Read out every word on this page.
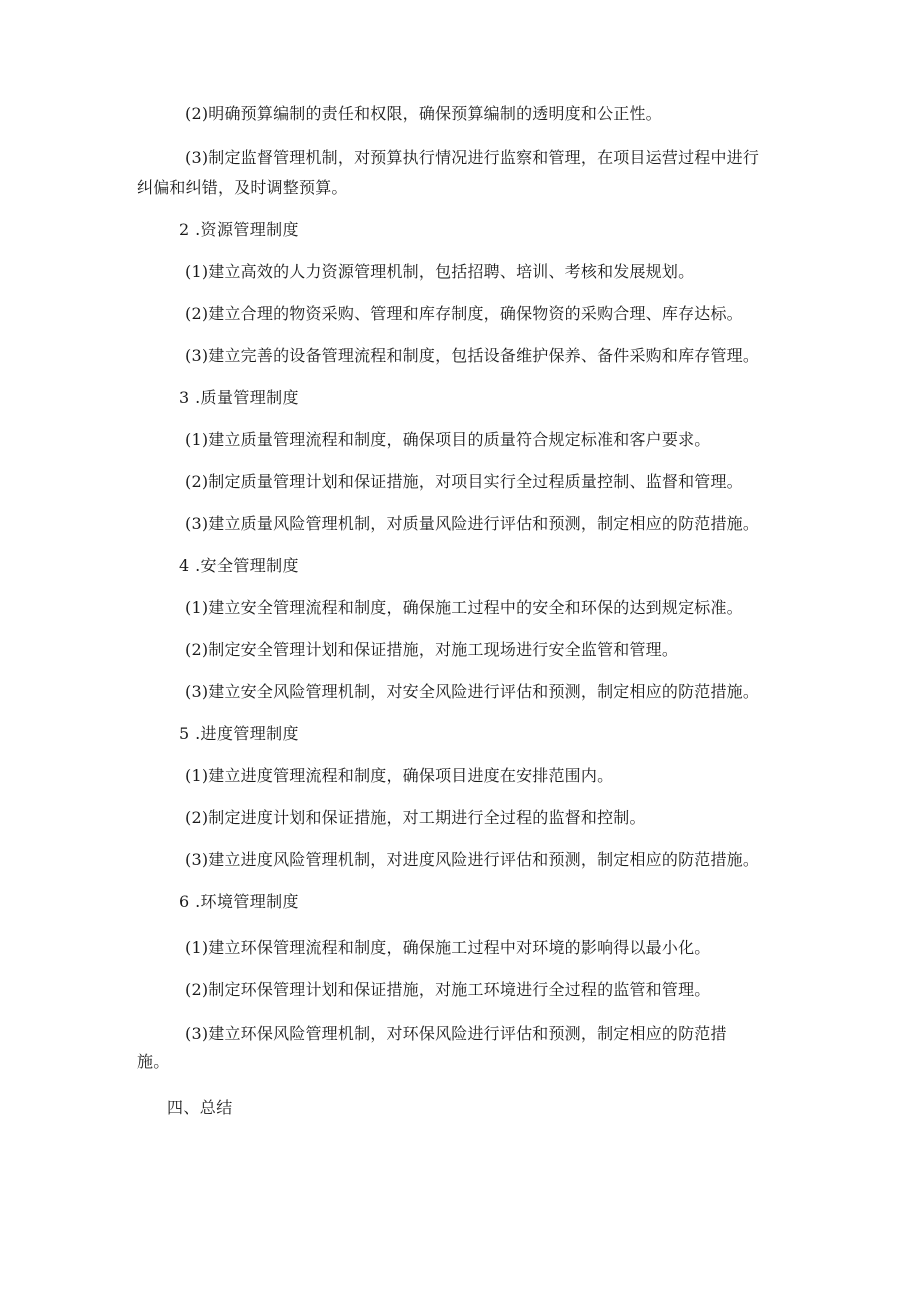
(2)明确预算编制的责任和权限，确保预算编制的透明度和公正性。
(3)制定监督管理机制，对预算执行情况进行监察和管理，在项目运营过程中进行
纠偏和纠错，及时调整预算。
2 .资源管理制度
(1)建立高效的人力资源管理机制，包括招聘、培训、考核和发展规划。
(2)建立合理的物资采购、管理和库存制度，确保物资的采购合理、库存达标。
(3)建立完善的设备管理流程和制度，包括设备维护保养、备件采购和库存管理。
3 .质量管理制度
(1)建立质量管理流程和制度，确保项目的质量符合规定标准和客户要求。
(2)制定质量管理计划和保证措施，对项目实行全过程质量控制、监督和管理。
(3)建立质量风险管理机制，对质量风险进行评估和预测，制定相应的防范措施。
4 .安全管理制度
(1)建立安全管理流程和制度，确保施工过程中的安全和环保的达到规定标准。
(2)制定安全管理计划和保证措施，对施工现场进行安全监管和管理。
(3)建立安全风险管理机制，对安全风险进行评估和预测，制定相应的防范措施。
5 .进度管理制度
(1)建立进度管理流程和制度，确保项目进度在安排范围内。
(2)制定进度计划和保证措施，对工期进行全过程的监督和控制。
(3)建立进度风险管理机制，对进度风险进行评估和预测，制定相应的防范措施。
6 .环境管理制度
(1)建立环保管理流程和制度，确保施工过程中对环境的影响得以最小化。
(2)制定环保管理计划和保证措施，对施工环境进行全过程的监管和管理。
(3)建立环保风险管理机制，对环保风险进行评估和预测，制定相应的防范措
施。
四、总结
